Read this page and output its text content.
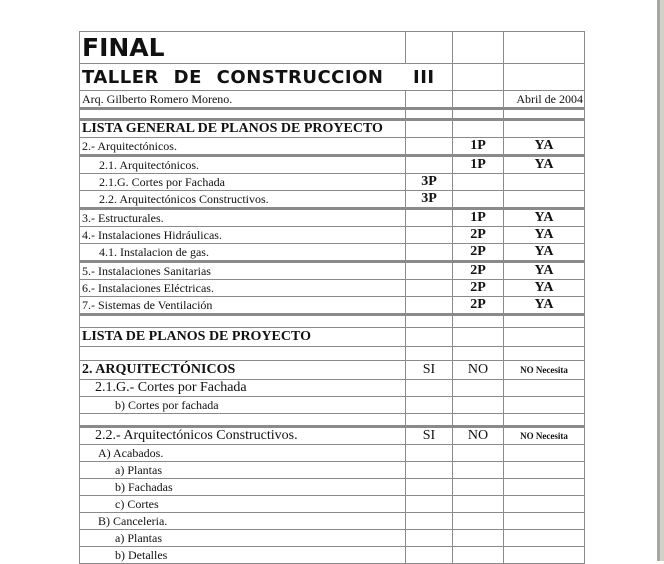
FINAL			
TALLER DE CONSTRUCCION III			
Arq. Gilberto Romero Moreno.			Abril de 2004

LISTA GENERAL DE PLANOS DE PROYECTO			
2.- Arquitectónicos.		1P	YA
2.1. Arquitectónicos.		1P	YA
2.1.G. Cortes por Fachada	3P		
2.2. Arquitectónicos Constructivos.	3P		
3.- Estructurales.		1P	YA
4.- Instalaciones Hidráulicas.		2P	YA
4.1. Instalacion de gas.		2P	YA
5.- Instalaciones Sanitarias		2P	YA
6.- Instalaciones Eléctricas.		2P	YA
7.- Sistemas de Ventilación		2P	YA

LISTA DE PLANOS DE PROYECTO			

2. ARQUITECTÓNICOS	SI	NO	NO Necesita
2.1.G.- Cortes por Fachada			
b) Cortes por fachada			

2.2.- Arquitectónicos Constructivos.	SI	NO	NO Necesita
A) Acabados.			
a) Plantas			
b) Fachadas			
c) Cortes			
B) Canceleria.			
a) Plantas			
b) Detalles			
